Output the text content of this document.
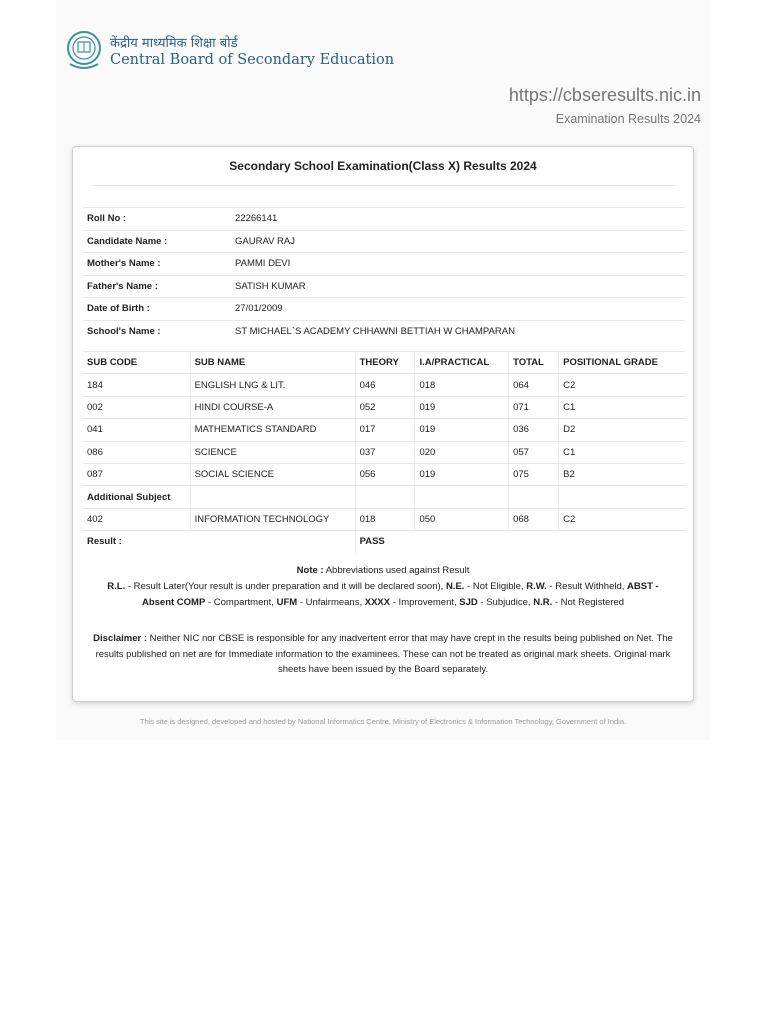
केंद्रीय माध्यमिक शिक्षा बोर्ड
Central Board of Secondary Education
https://cbseresults.nic.in
Examination Results 2024
Secondary School Examination(Class X) Results 2024
Roll No :	22266141
Candidate Name :	GAURAV RAJ
Mother's Name :	PAMMI DEVI
Father's Name :	SATISH KUMAR
Date of Birth :	27/01/2009
School's Name :	ST MICHAEL`S ACADEMY CHHAWNI BETTIAH W CHAMPARAN
SUB CODE	SUB NAME	THEORY	I.A/PRACTICAL	TOTAL	POSITIONAL GRADE
184	ENGLISH LNG & LIT.	046	018	064	C2
002	HINDI COURSE-A	052	019	071	C1
041	MATHEMATICS STANDARD	017	019	036	D2
086	SCIENCE	037	020	057	C1
087	SOCIAL SCIENCE	056	019	075	B2
Additional Subject					
402	INFORMATION TECHNOLOGY	018	050	068	C2
Result :		PASS			
Note : Abbreviations used against Result
R.L. - Result Later(Your result is under preparation and it will be declared soon), N.E. - Not Eligible, R.W. - Result Withheld, ABST - Absent COMP - Compartment, UFM - Unfairmeans, XXXX - Improvement, SJD - Subjudice, N.R. - Not Registered
Disclaimer : Neither NIC nor CBSE is responsible for any inadvertent error that may have crept in the results being published on Net. The results published on net are for Immediate information to the examinees. These can not be treated as original mark sheets. Original mark sheets have been issued by the Board separately.
This site is designed, developed and hosted by National Informatics Centre, Ministry of Electronics & Information Technology, Government of India.
